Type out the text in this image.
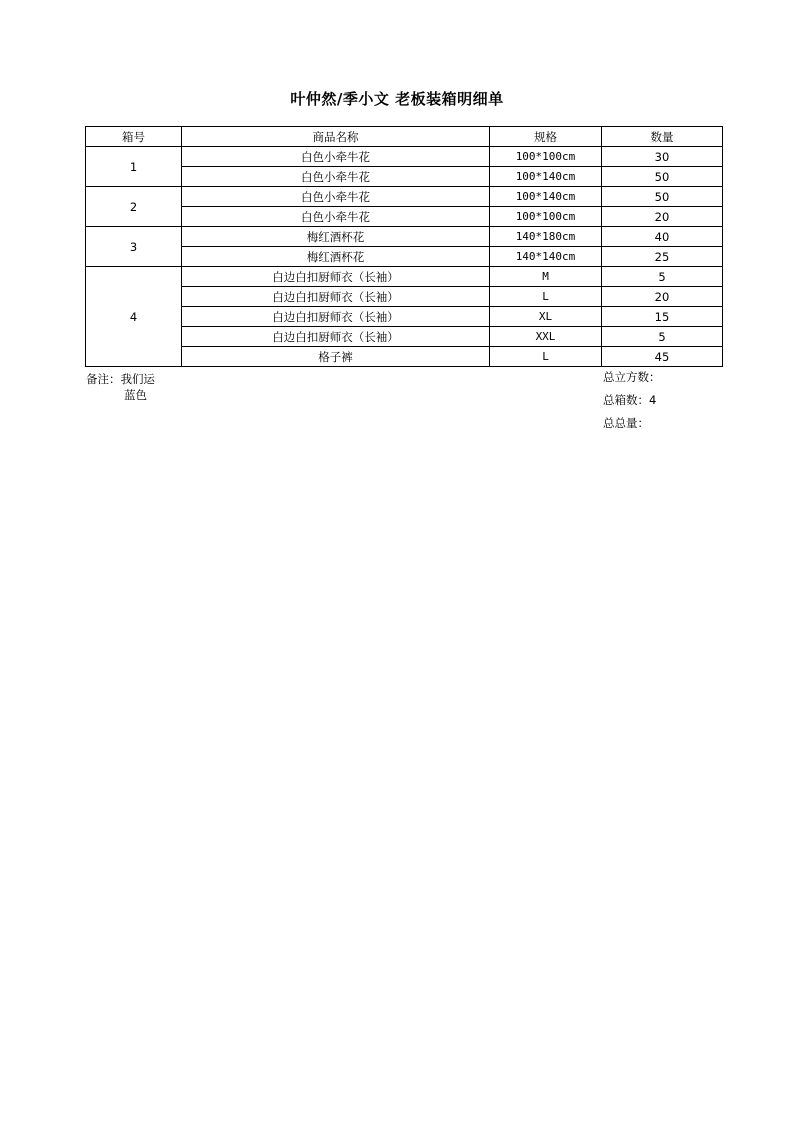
叶仲然/季小文 老板装箱明细单
箱号	商品名称	规格	数量
1	白色小牵牛花	100*100cm	30
	白色小牵牛花	100*140cm	50
2	白色小牵牛花	100*140cm	50
	白色小牵牛花	100*100cm	20
3	梅红酒杯花	140*180cm	40
	梅红酒杯花	140*140cm	25
4	白边白扣厨师衣（长袖）	M	5
	白边白扣厨师衣（长袖）	L	20
	白边白扣厨师衣（长袖）	XL	15
	白边白扣厨师衣（长袖）	XXL	5
	格子裤	L	45
备注：我们运
蓝色
总立方数：
总箱数：4
总总量：
